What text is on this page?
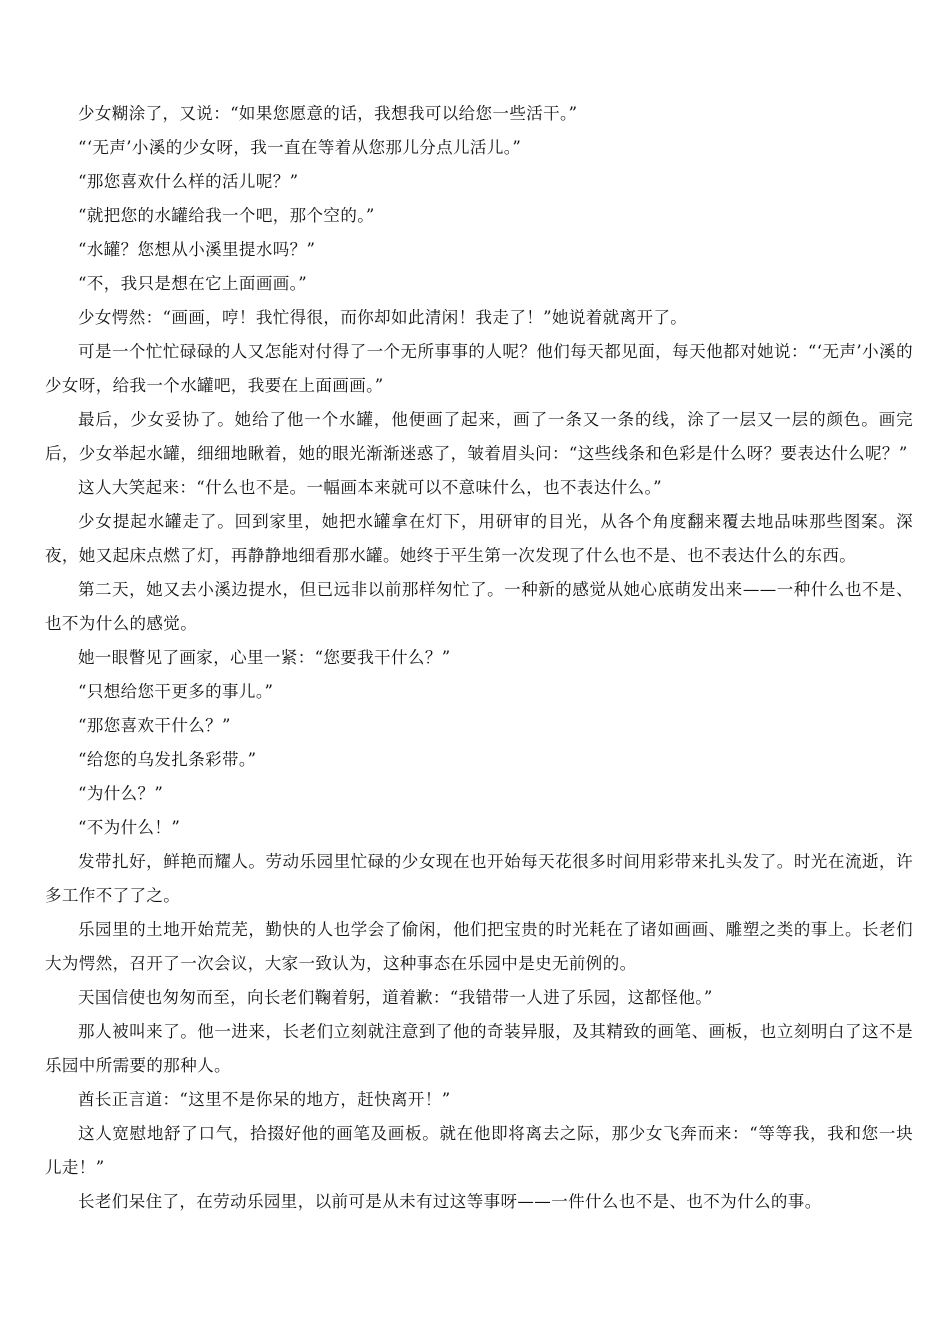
少女糊涂了，又说：“如果您愿意的话，我想我可以给您一些活干。”

“‘无声’小溪的少女呀，我一直在等着从您那儿分点儿活儿。”

“那您喜欢什么样的活儿呢？”

“就把您的水罐给我一个吧，那个空的。”

“水罐？您想从小溪里提水吗？”

“不，我只是想在它上面画画。”

少女愕然：“画画，哼！我忙得很，而你却如此清闲！我走了！”她说着就离开了。

可是一个忙忙碌碌的人又怎能对付得了一个无所事事的人呢？他们每天都见面，每天他都对她说：“‘无声’小溪的少女呀，给我一个水罐吧，我要在上面画画。”

最后，少女妥协了。她给了他一个水罐，他便画了起来，画了一条又一条的线，涂了一层又一层的颜色。画完后，少女举起水罐，细细地瞅着，她的眼光渐渐迷惑了，皱着眉头问：“这些线条和色彩是什么呀？要表达什么呢？”

这人大笑起来：“什么也不是。一幅画本来就可以不意味什么，也不表达什么。”

少女提起水罐走了。回到家里，她把水罐拿在灯下，用研审的目光，从各个角度翻来覆去地品味那些图案。深夜，她又起床点燃了灯，再静静地细看那水罐。她终于平生第一次发现了什么也不是、也不表达什么的东西。

第二天，她又去小溪边提水，但已远非以前那样匆忙了。一种新的感觉从她心底萌发出来——一种什么也不是、也不为什么的感觉。

她一眼瞥见了画家，心里一紧：“您要我干什么？”

“只想给您干更多的事儿。”

“那您喜欢干什么？”

“给您的乌发扎条彩带。”

“为什么？”

“不为什么！”

发带扎好，鲜艳而耀人。劳动乐园里忙碌的少女现在也开始每天花很多时间用彩带来扎头发了。时光在流逝，许多工作不了了之。

乐园里的土地开始荒芜，勤快的人也学会了偷闲，他们把宝贵的时光耗在了诸如画画、雕塑之类的事上。长老们大为愕然，召开了一次会议，大家一致认为，这种事态在乐园中是史无前例的。

天国信使也匆匆而至，向长老们鞠着躬，道着歉：“我错带一人进了乐园，这都怪他。”

那人被叫来了。他一进来，长老们立刻就注意到了他的奇装异服，及其精致的画笔、画板，也立刻明白了这不是乐园中所需要的那种人。

酋长正言道：“这里不是你呆的地方，赶快离开！”

这人宽慰地舒了口气，拾掇好他的画笔及画板。就在他即将离去之际，那少女飞奔而来：“等等我，我和您一块儿走！”

长老们呆住了，在劳动乐园里，以前可是从未有过这等事呀——一件什么也不是、也不为什么的事。
